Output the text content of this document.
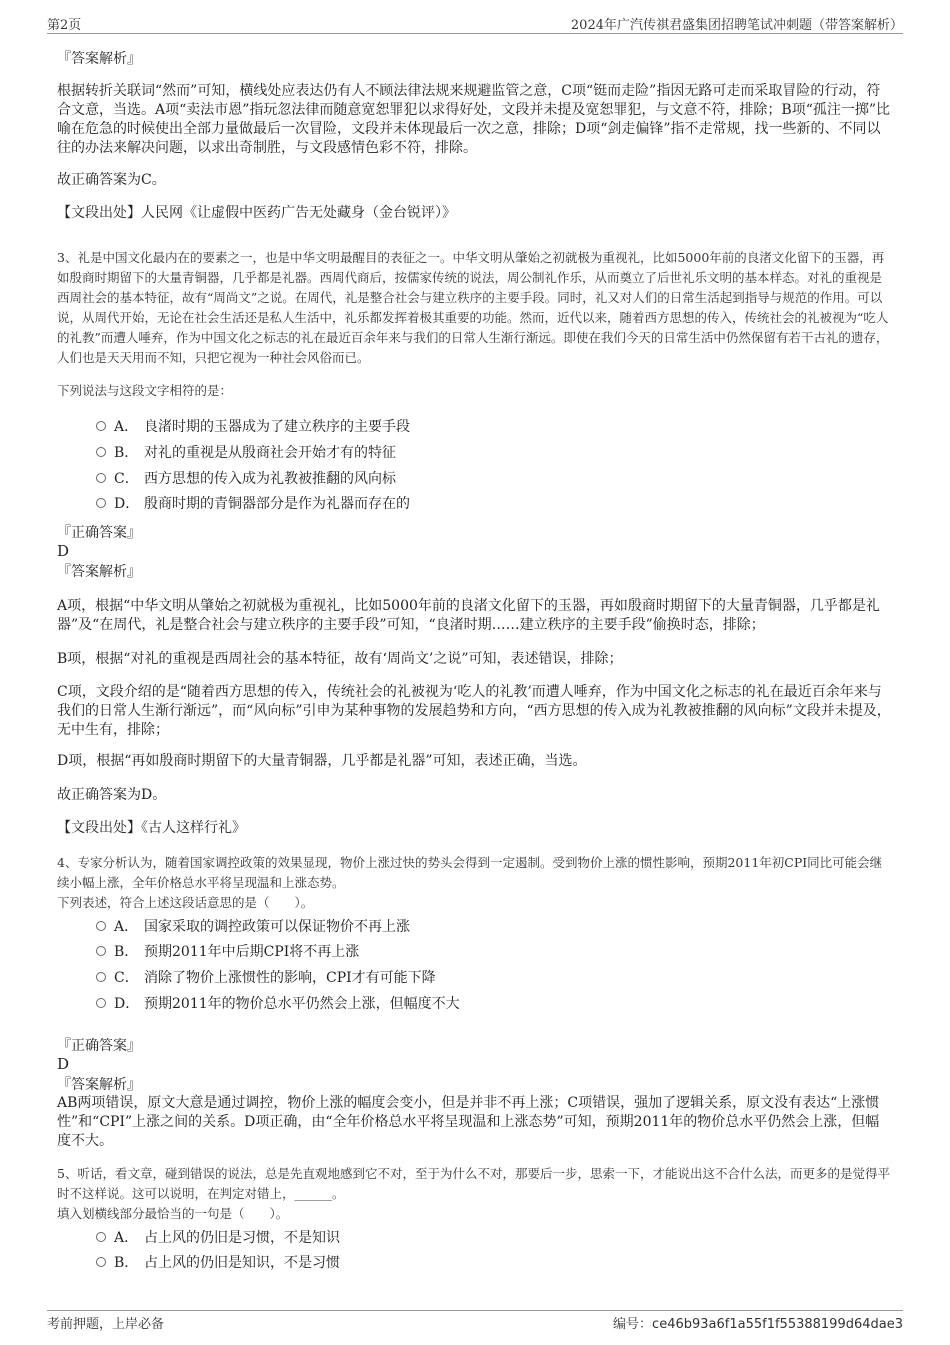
第2页	2024年广汽传祺君盛集团招聘笔试冲刺题（带答案解析）
『答案解析』
根据转折关联词“然而”可知，横线处应表达仍有人不顾法律法规来规避监管之意，C项“铤而走险”指因无路可走而采取冒险的行动，符合文意，当选。A项“卖法市恩”指玩忽法律而随意宽恕罪犯以求得好处，文段并未提及宽恕罪犯，与文意不符，排除；B项“孤注一掷”比喻在危急的时候使出全部力量做最后一次冒险，文段并未体现最后一次之意，排除；D项“剑走偏锋”指不走常规，找一些新的、不同以往的办法来解决问题，以求出奇制胜，与文段感情色彩不符，排除。
故正确答案为C。
【文段出处】人民网《让虚假中医药广告无处藏身（金台锐评）》
3、礼是中国文化最内在的要素之一，也是中华文明最醒目的表征之一。中华文明从肇始之初就极为重视礼，比如5000年前的良渚文化留下的玉器，再如殷商时期留下的大量青铜器，几乎都是礼器。西周代商后，按儒家传统的说法，周公制礼作乐，从而奠立了后世礼乐文明的基本样态。对礼的重视是西周社会的基本特征，故有“周尚文”之说。在周代，礼是整合社会与建立秩序的主要手段。同时，礼又对人们的日常生活起到指导与规范的作用。可以说，从周代开始，无论在社会生活还是私人生活中，礼乐都发挥着极其重要的功能。然而，近代以来，随着西方思想的传入，传统社会的礼被视为“吃人的礼教”而遭人唾弃，作为中国文化之标志的礼在最近百余年来与我们的日常人生渐行渐远。即使在我们今天的日常生活中仍然保留有若干古礼的遗存，人们也是天天用而不知，只把它视为一种社会风俗而已。
下列说法与这段文字相符的是：
A． 良渚时期的玉器成为了建立秩序的主要手段
B． 对礼的重视是从殷商社会开始才有的特征
C． 西方思想的传入成为礼教被推翻的风向标
D． 殷商时期的青铜器部分是作为礼器而存在的
『正确答案』
D
『答案解析』
A项，根据“中华文明从肇始之初就极为重视礼，比如5000年前的良渚文化留下的玉器，再如殷商时期留下的大量青铜器，几乎都是礼器”及“在周代，礼是整合社会与建立秩序的主要手段”可知，“良渚时期……建立秩序的主要手段”偷换时态，排除；
B项，根据“对礼的重视是西周社会的基本特征，故有‘周尚文’之说”可知，表述错误，排除；
C项，文段介绍的是“随着西方思想的传入，传统社会的礼被视为‘吃人的礼教’而遭人唾弃，作为中国文化之标志的礼在最近百余年来与我们的日常人生渐行渐远”，而“风向标”引申为某种事物的发展趋势和方向，“西方思想的传入成为礼教被推翻的风向标”文段并未提及，无中生有，排除；
D项，根据“再如殷商时期留下的大量青铜器，几乎都是礼器”可知，表述正确，当选。
故正确答案为D。
【文段出处】《古人这样行礼》
4、专家分析认为，随着国家调控政策的效果显现，物价上涨过快的势头会得到一定遏制。受到物价上涨的惯性影响，预期2011年初CPI同比可能会继续小幅上涨，全年价格总水平将呈现温和上涨态势。
下列表述，符合上述这段话意思的是（　　）。
A． 国家采取的调控政策可以保证物价不再上涨
B． 预期2011年中后期CPI将不再上涨
C． 消除了物价上涨惯性的影响，CPI才有可能下降
D． 预期2011年的物价总水平仍然会上涨，但幅度不大
『正确答案』
D
『答案解析』
AB两项错误，原文大意是通过调控，物价上涨的幅度会变小，但是并非不再上涨；C项错误，强加了逻辑关系，原文没有表达“上涨惯性”和“CPI”上涨之间的关系。D项正确，由“全年价格总水平将呈现温和上涨态势”可知，预期2011年的物价总水平仍然会上涨，但幅度不大。
5、听话，看文章，碰到错误的说法，总是先直观地感到它不对，至于为什么不对，那要后一步，思索一下，才能说出这不合什么法，而更多的是觉得平时不这样说。这可以说明，在判定对错上，______。
填入划横线部分最恰当的一句是（　　）。
A． 占上风的仍旧是习惯，不是知识
B． 占上风的仍旧是知识，不是习惯
考前押题，上岸必备	编号：ce46b93a6f1a55f1f55388199d64dae3
